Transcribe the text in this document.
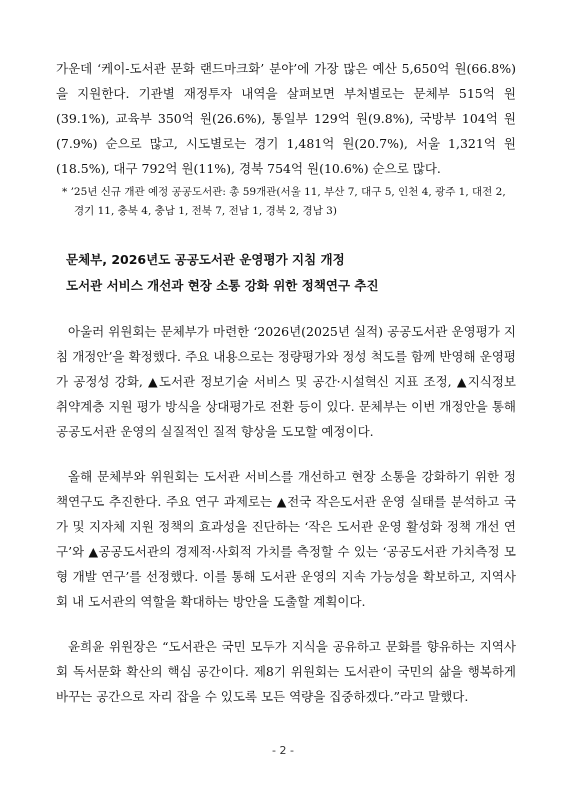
가운데 ‘케이-도서관 문화 랜드마크화’ 분야’에 가장 많은 예산 5,650억 원(66.8%)을 지원한다. 기관별 재정투자 내역을 살펴보면 부처별로는 문체부 515억 원(39.1%), 교육부 350억 원(26.6%), 통일부 129억 원(9.8%), 국방부 104억 원(7.9%) 순으로 많고, 시도별로는 경기 1,481억 원(20.7%), 서울 1,321억 원(18.5%), 대구 792억 원(11%), 경북 754억 원(10.6%) 순으로 많다.

* ’25년 신규 개관 예정 공공도서관: 총 59개관(서울 11, 부산 7, 대구 5, 인천 4, 광주 1, 대전 2, 경기 11, 충북 4, 충남 1, 전북 7, 전남 1, 경북 2, 경남 3)

문체부, 2026년도 공공도서관 운영평가 지침 개정

도서관 서비스 개선과 현장 소통 강화 위한 정책연구 추진

아울러 위원회는 문체부가 마련한 ‘2026년(2025년 실적) 공공도서관 운영평가 지침 개정안’을 확정했다. 주요 내용으로는 정량평가와 정성 척도를 함께 반영해 운영평가 공정성 강화, ▲도서관 정보기술 서비스 및 공간·시설혁신 지표 조정, ▲지식정보 취약계층 지원 평가 방식을 상대평가로 전환 등이 있다. 문체부는 이번 개정안을 통해 공공도서관 운영의 실질적인 질적 향상을 도모할 예정이다.

올해 문체부와 위원회는 도서관 서비스를 개선하고 현장 소통을 강화하기 위한 정책연구도 추진한다. 주요 연구 과제로는 ▲전국 작은도서관 운영 실태를 분석하고 국가 및 지자체 지원 정책의 효과성을 진단하는 ‘작은 도서관 운영 활성화 정책 개선 연구’와 ▲공공도서관의 경제적·사회적 가치를 측정할 수 있는 ‘공공도서관 가치측정 모형 개발 연구’를 선정했다. 이를 통해 도서관 운영의 지속 가능성을 확보하고, 지역사회 내 도서관의 역할을 확대하는 방안을 도출할 계획이다.

윤희윤 위원장은 “도서관은 국민 모두가 지식을 공유하고 문화를 향유하는 지역사회 독서문화 확산의 핵심 공간이다. 제8기 위원회는 도서관이 국민의 삶을 행복하게 바꾸는 공간으로 자리 잡을 수 있도록 모든 역량을 집중하겠다.”라고 말했다.

- 2 -
